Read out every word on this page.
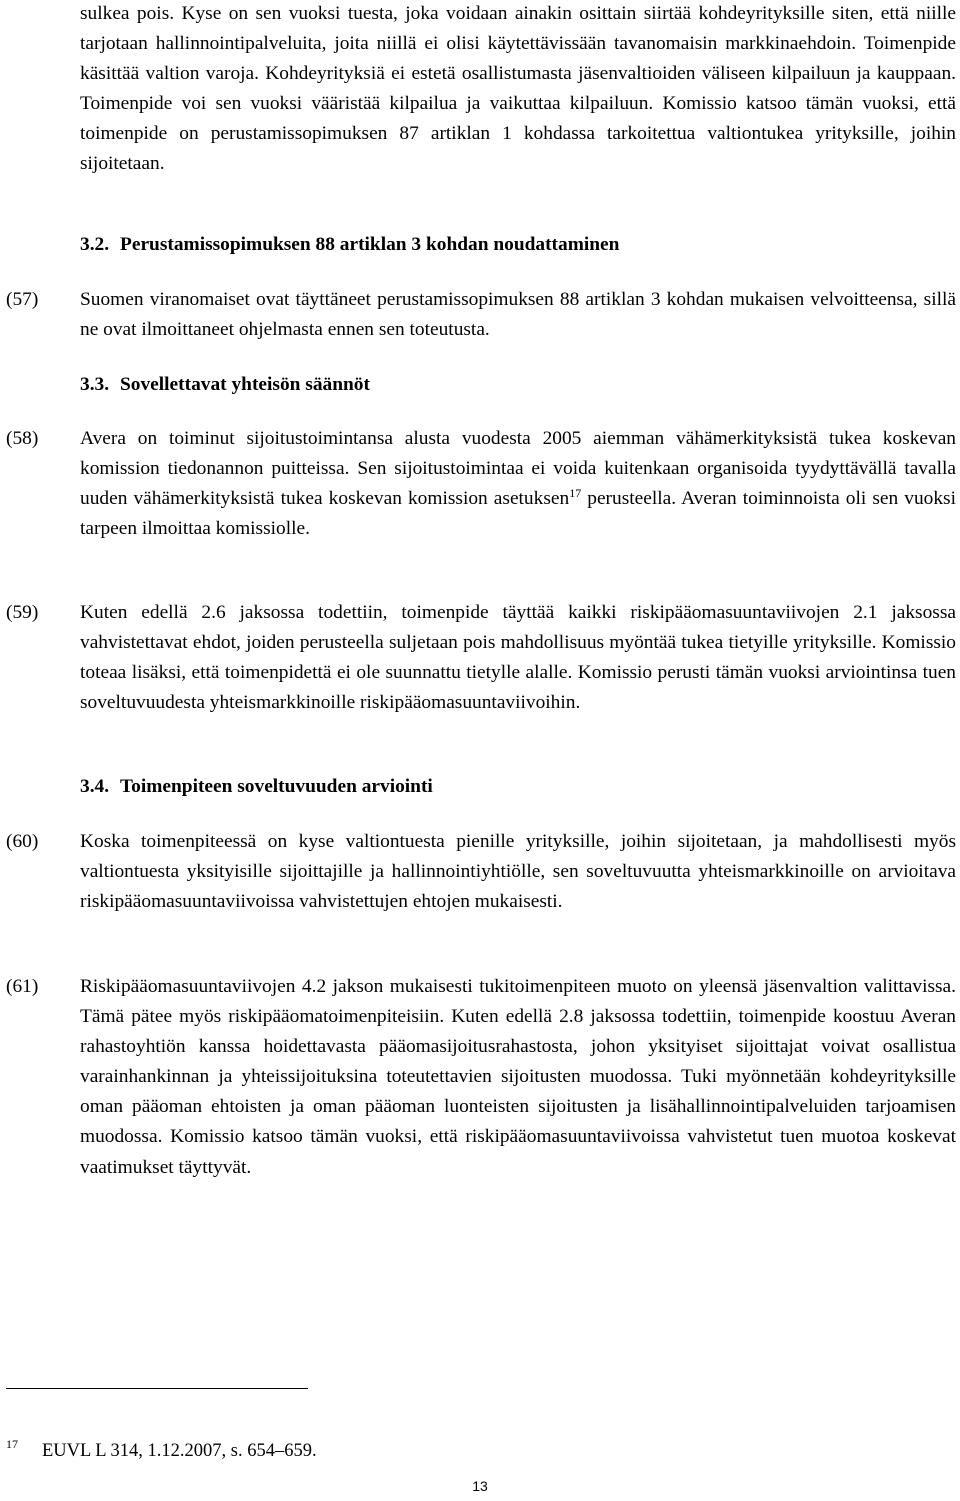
sulkea pois. Kyse on sen vuoksi tuesta, joka voidaan ainakin osittain siirtää kohdeyrityksille siten, että niille tarjotaan hallinnointipalveluita, joita niillä ei olisi käytettävissään tavanomaisin markkinaehdoin. Toimenpide käsittää valtion varoja. Kohdeyrityksiä ei estetä osallistumasta jäsenvaltioiden väliseen kilpailuun ja kauppaan. Toimenpide voi sen vuoksi vääristää kilpailua ja vaikuttaa kilpailuun. Komissio katsoo tämän vuoksi, että toimenpide on perustamissopimuksen 87 artiklan 1 kohdassa tarkoitettua valtiontukea yrityksille, joihin sijoitetaan.

3.2. Perustamissopimuksen 88 artiklan 3 kohdan noudattaminen
(57) Suomen viranomaiset ovat täyttäneet perustamissopimuksen 88 artiklan 3 kohdan mukaisen velvoitteensa, sillä ne ovat ilmoittaneet ohjelmasta ennen sen toteutusta.

3.3. Sovellettavat yhteisön säännöt
(58) Avera on toiminut sijoitustoimintansa alusta vuodesta 2005 aiemman vähämerkityksistä tukea koskevan komission tiedonannon puitteissa. Sen sijoitustoimintaa ei voida kuitenkaan organisoida tyydyttävällä tavalla uuden vähämerkityksistä tukea koskevan komission asetuksen$^{17}$ perusteella. Averan toiminnoista oli sen vuoksi tarpeen ilmoittaa komissiolle.

(59) Kuten edellä 2.6 jaksossa todettiin, toimenpide täyttää kaikki riskipääomasuuntaviivojen 2.1 jaksossa vahvistettavat ehdot, joiden perusteella suljetaan pois mahdollisuus myöntää tukea tietyille yrityksille. Komissio toteaa lisäksi, että toimenpidettä ei ole suunnattu tietylle alalle. Komissio perusti tämän vuoksi arviointinsa tuen soveltuvuudesta yhteismarkkinoille riskipääomasuuntaviivoihin.

3.4. Toimenpiteen soveltuvuuden arviointi
(60) Koska toimenpiteessä on kyse valtiontuesta pienille yrityksille, joihin sijoitetaan, ja mahdollisesti myös valtiontuesta yksityisille sijoittajille ja hallinnointiyhtiölle, sen soveltuvuutta yhteismarkkinoille on arvioitava riskipääomasuuntaviivoissa vahvistettujen ehtojen mukaisesti.

(61) Riskipääomasuuntaviivojen 4.2 jakson mukaisesti tukitoimenpiteen muoto on yleensä jäsenvaltion valittavissa. Tämä pätee myös riskipääomatoimenpiteisiin. Kuten edellä 2.8 jaksossa todettiin, toimenpide koostuu Averan rahastoyhtiön kanssa hoidettavasta pääomasijoitusrahastosta, johon yksityiset sijoittajat voivat osallistua varainhankinnan ja yhteissijoituksina toteutettavien sijoitusten muodossa. Tuki myönnetään kohdeyrityksille oman pääoman ehtoisten ja oman pääoman luonteisten sijoitusten ja lisähallinnointipalveluiden tarjoamisen muodossa. Komissio katsoo tämän vuoksi, että riskipääomasuuntaviivoissa vahvistetut tuen muotoa koskevat vaatimukset täyttyvät.

17 EUVL L 314, 1.12.2007, s. 654–659.
13
